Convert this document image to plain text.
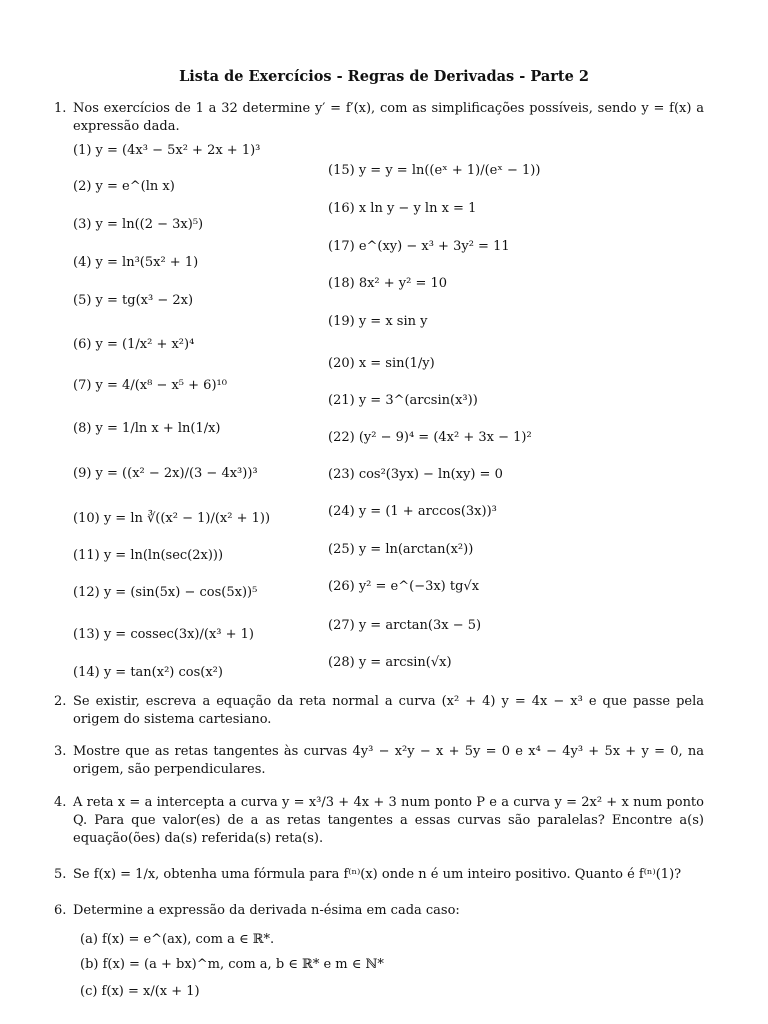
Lista de Exercícios - Regras de Derivadas - Parte 2
1. Nos exercícios de 1 a 32 determine y′ = f′(x), com as simplificações possíveis, sendo y = f(x) a expressão dada.
(1) y = (4x³ − 5x² + 2x + 1)³
(2) y = e^(ln x)
(3) y = ln((2 − 3x)⁵)
(4) y = ln³(5x² + 1)
(5) y = tg(x³ − 2x)
(6) y = (1/x² + x²)⁴
(7) y = 4/(x⁸ − x⁵ + 6)¹⁰
(8) y = 1/ln x + ln(1/x)
(9) y = ((x² − 2x)/(3 − 4x³))³
(10) y = ln ∛((x² − 1)/(x² + 1))
(11) y = ln(ln(sec(2x)))
(12) y = (sin(5x) − cos(5x))⁵
(13) y = cossec(3x)/(x³ + 1)
(14) y = tan(x²) cos(x²)
(15) y = y = ln((eˣ + 1)/(eˣ − 1))
(16) x ln y − y ln x = 1
(17) e^(xy) − x³ + 3y² = 11
(18) 8x² + y² = 10
(19) y = x sin y
(20) x = sin(1/y)
(21) y = 3^(arcsin(x³))
(22) (y² − 9)⁴ = (4x² + 3x − 1)²
(23) cos²(3yx) − ln(xy) = 0
(24) y = (1 + arccos(3x))³
(25) y = ln(arctan(x²))
(26) y² = e^(−3x) tg√x
(27) y = arctan(3x − 5)
(28) y = arcsin(√x)
2. Se existir, escreva a equação da reta normal a curva (x² + 4) y = 4x − x³ e que passe pela origem do sistema cartesiano.
3. Mostre que as retas tangentes às curvas 4y³ − x²y − x + 5y = 0 e x⁴ − 4y³ + 5x + y = 0, na origem, são perpendiculares.
4. A reta x = a intercepta a curva y = x³/3 + 4x + 3 num ponto P e a curva y = 2x² + x num ponto Q. Para que valor(es) de a as retas tangentes a essas curvas são paralelas? Encontre a(s) equação(ões) da(s) referida(s) reta(s).
5. Se f(x) = 1/x, obtenha uma fórmula para f⁽ⁿ⁾(x) onde n é um inteiro positivo. Quanto é f⁽ⁿ⁾(1)?
6. Determine a expressão da derivada n-ésima em cada caso:
(a) f(x) = e^(ax), com a ∈ ℝ*.
(b) f(x) = (a + bx)^m, com a, b ∈ ℝ* e m ∈ ℕ*
(c) f(x) = x/(x + 1)
